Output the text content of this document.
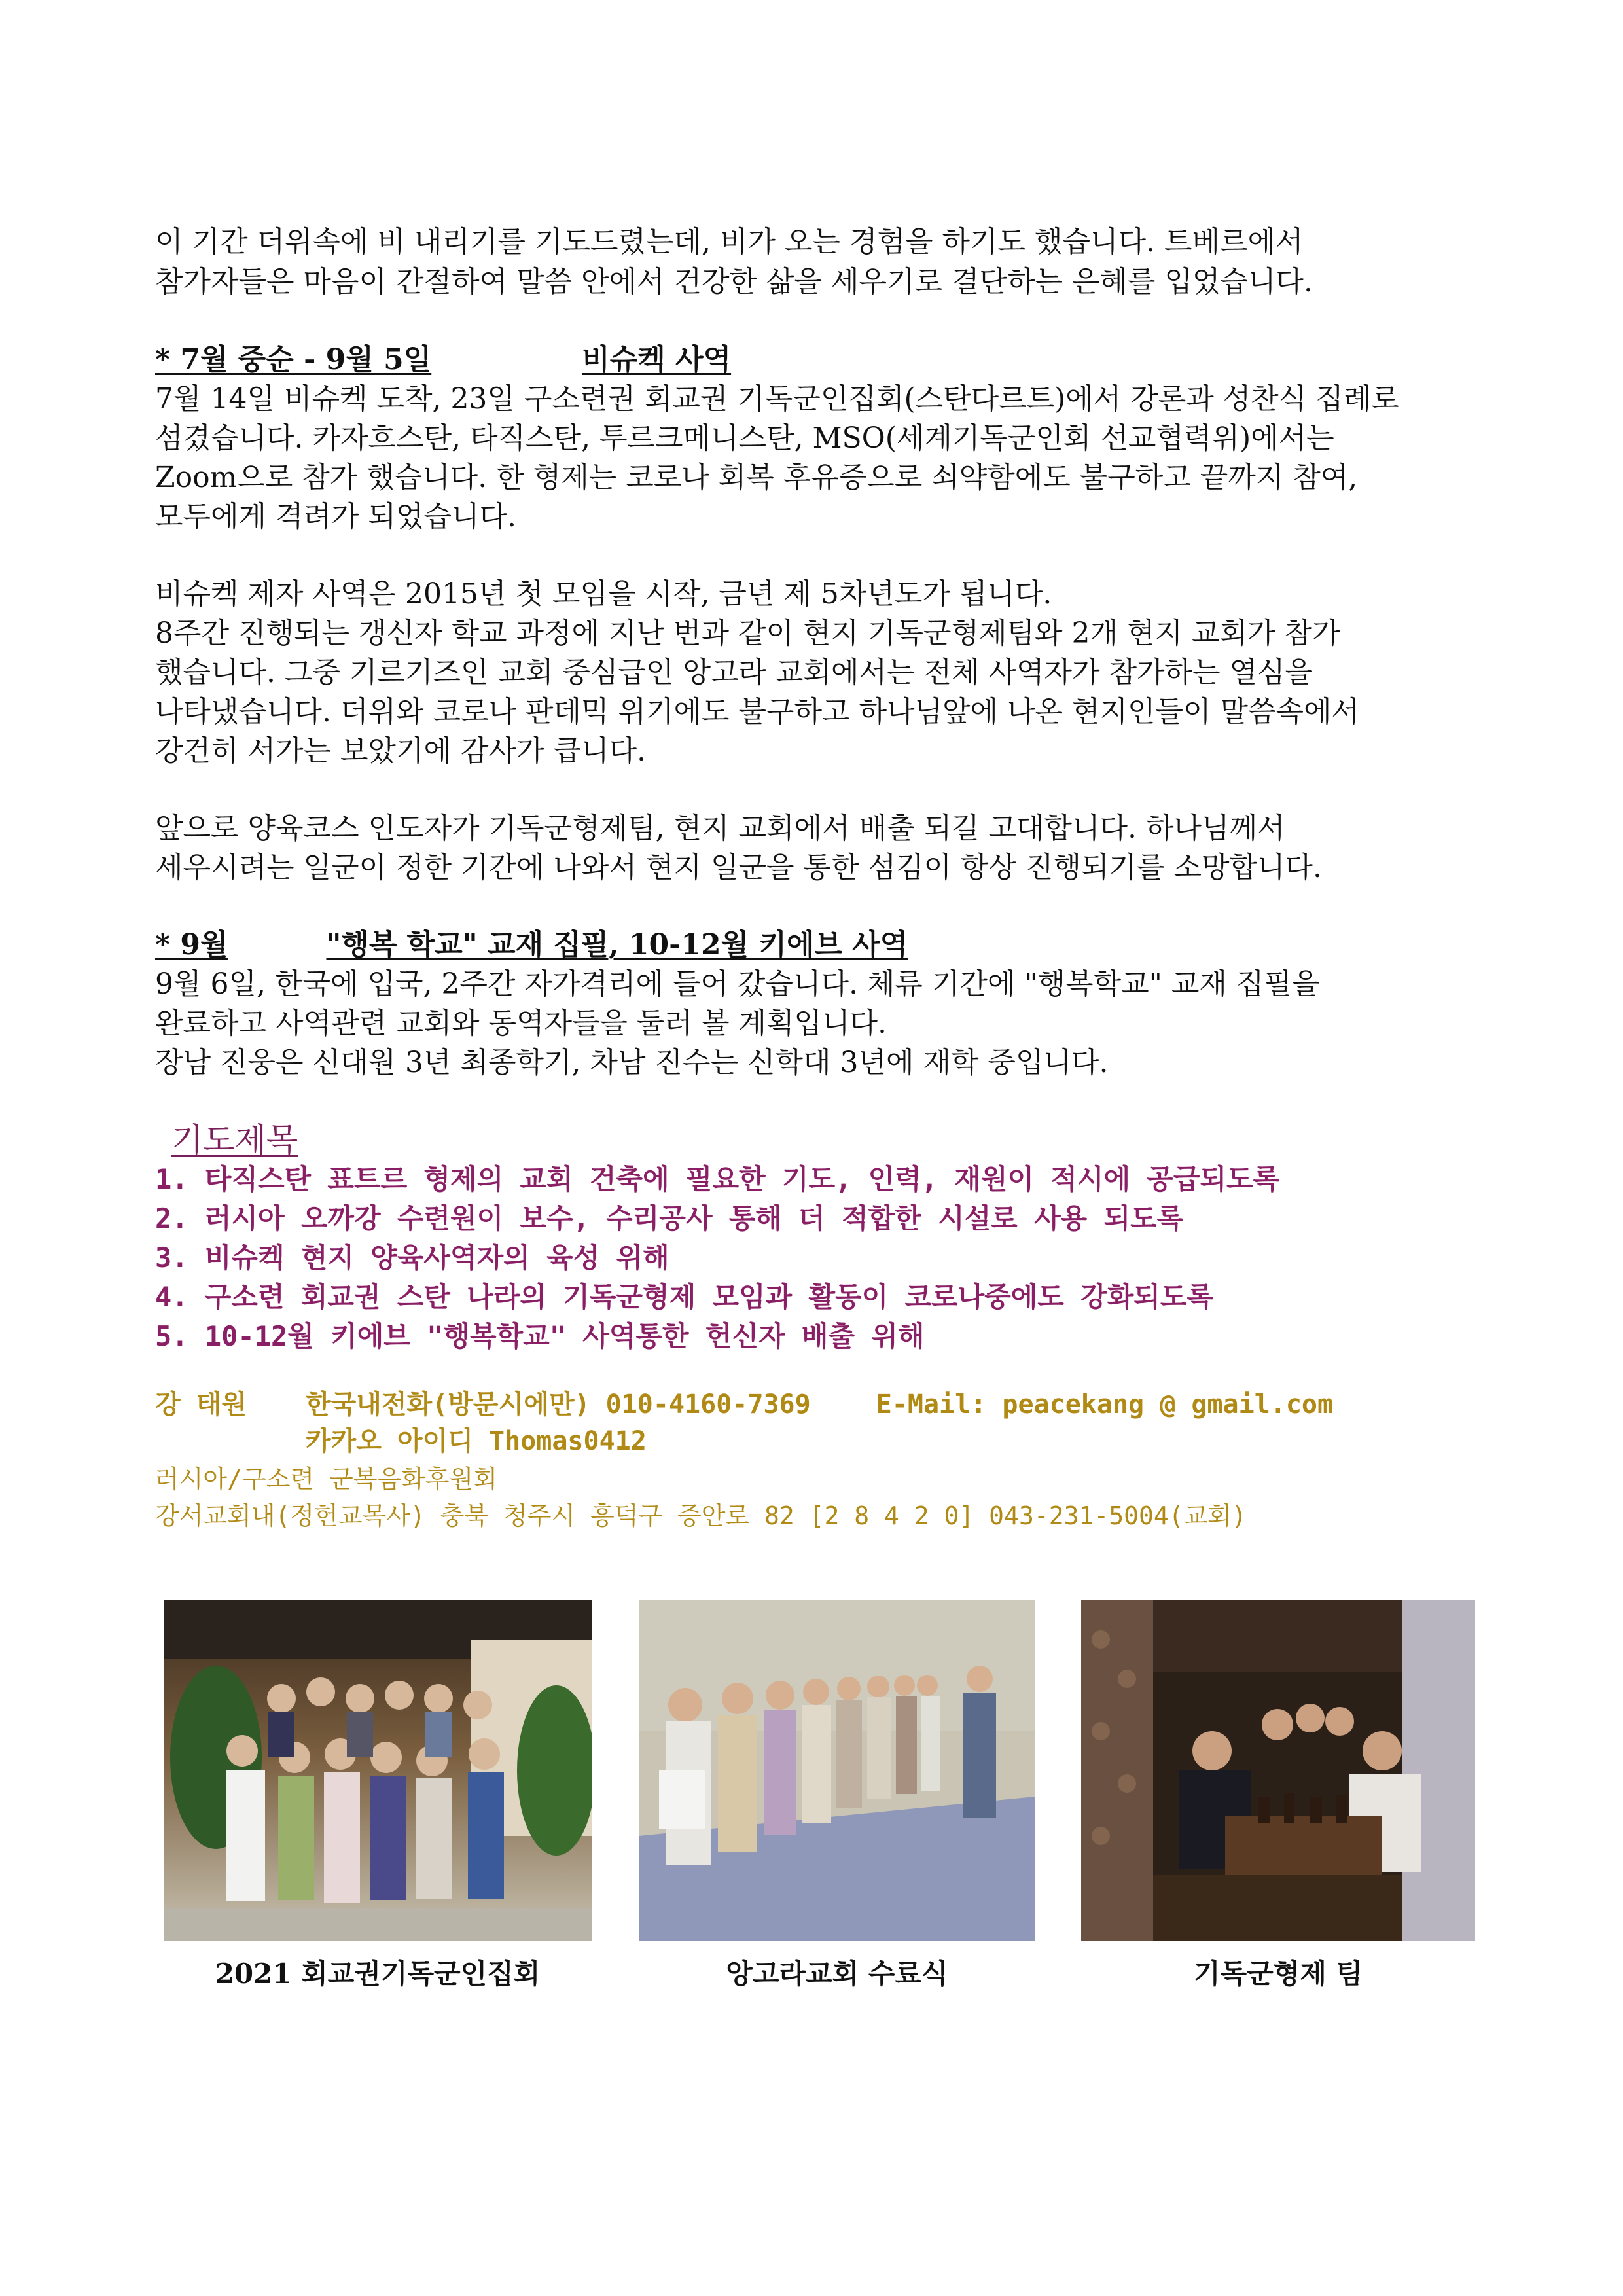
이 기간 더위속에 비 내리기를 기도드렸는데, 비가 오는 경험을 하기도 했습니다. 트베르에서
참가자들은 마음이 간절하여 말씀 안에서 건강한 삶을 세우기로 결단하는 은혜를 입었습니다.
* 7월 중순 - 9월 5일	비슈켁 사역
7월 14일 비슈켁 도착, 23일 구소련권 회교권 기독군인집회(스탄다르트)에서 강론과 성찬식 집례로
섬겼습니다. 카자흐스탄, 타직스탄, 투르크메니스탄, MSO(세계기독군인회 선교협력위)에서는
Zoom으로 참가 했습니다. 한 형제는 코로나 회복 후유증으로 쇠약함에도 불구하고 끝까지 참여,
모두에게 격려가 되었습니다.
비슈켁 제자 사역은 2015년 첫 모임을 시작, 금년 제 5차년도가 됩니다.
8주간 진행되는 갱신자 학교 과정에 지난 번과 같이 현지 기독군형제팀와 2개 현지 교회가 참가
했습니다. 그중 기르기즈인 교회 중심급인 앙고라 교회에서는 전체 사역자가 참가하는 열심을
나타냈습니다. 더위와 코로나 판데믹 위기에도 불구하고 하나님앞에 나온 현지인들이 말씀속에서
강건히 서가는 보았기에 감사가 큽니다.
앞으로 양육코스 인도자가 기독군형제팀, 현지 교회에서 배출 되길 고대합니다. 하나님께서
세우시려는 일군이 정한 기간에 나와서 현지 일군을 통한 섬김이 항상 진행되기를 소망합니다.
* 9월	"행복 학교" 교재 집필, 10-12월 키에브 사역
9월 6일, 한국에 입국, 2주간 자가격리에 들어 갔습니다. 체류 기간에 "행복학교" 교재 집필을
완료하고 사역관련 교회와 동역자들을 둘러 볼 계획입니다.
장남 진웅은 신대원 3년 최종학기, 차남 진수는 신학대 3년에 재학 중입니다.
기도제목
1. 타직스탄 표트르 형제의 교회 건축에 필요한 기도, 인력, 재원이 적시에 공급되도록
2. 러시아 오까강 수련원이 보수, 수리공사 통해 더 적합한 시설로 사용 되도록
3. 비슈켁 현지 양육사역자의 육성 위해
4. 구소련 회교권 스탄 나라의 기독군형제 모임과 활동이 코로나중에도 강화되도록
5. 10-12월 키에브 "행복학교" 사역통한 헌신자 배출 위해
강 태원 한국내전화(방문시에만) 010-4160-7369	E-Mail: peacekang @ gmail.com
카카오 아이디 Thomas0412
러시아/구소련 군복음화후원회
강서교회내(정헌교목사) 충북 청주시 흥덕구 증안로 82 [2 8 4 2 0] 043-231-5004(교회)
2021 회교권기독군인집회	앙고라교회 수료식	기독군형제 팀
